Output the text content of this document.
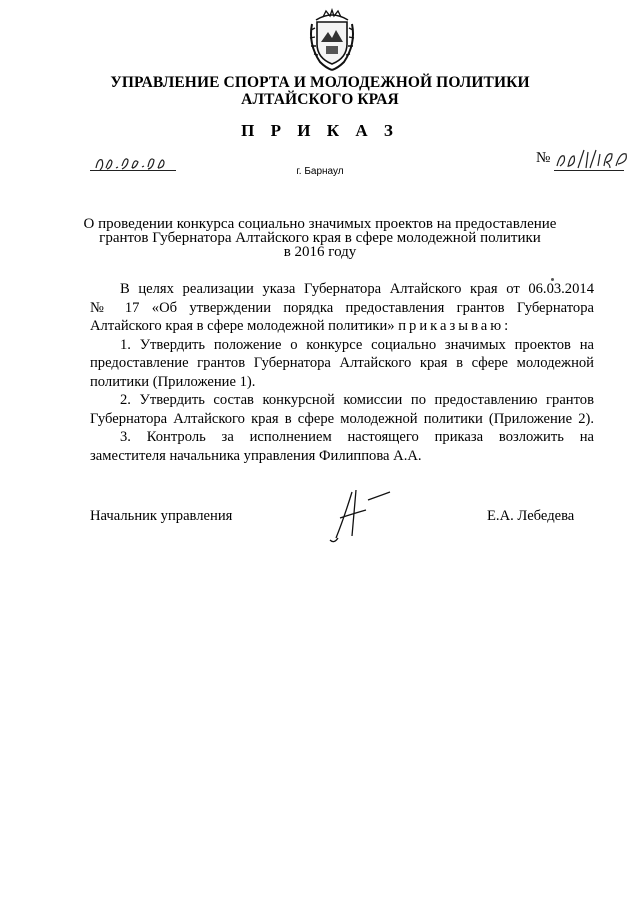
УПРАВЛЕНИЕ СПОРТА И МОЛОДЕЖНОЙ ПОЛИТИКИ
АЛТАЙСКОГО КРАЯ
П Р И К А З
№
г. Барнаул
О проведении конкурса социально значимых проектов на предоставление
грантов Губернатора Алтайского края в сфере молодежной политики
в 2016 году
В целях реализации указа Губернатора Алтайского края от 06.03.2014
№ 17 «Об утверждении порядка предоставления грантов Губернатора
Алтайского края в сфере молодежной политики» приказываю:
1. Утвердить положение о конкурсе социально значимых проектов на
предоставление грантов Губернатора Алтайского края в сфере молодежной
политики (Приложение 1).
2. Утвердить состав конкурсной комиссии по предоставлению грантов
Губернатора Алтайского края в сфере молодежной политики (Приложение 2).
3. Контроль за исполнением настоящего приказа возложить на
заместителя начальника управления Филиппова А.А.
Начальник управления	Е.А. Лебедева
